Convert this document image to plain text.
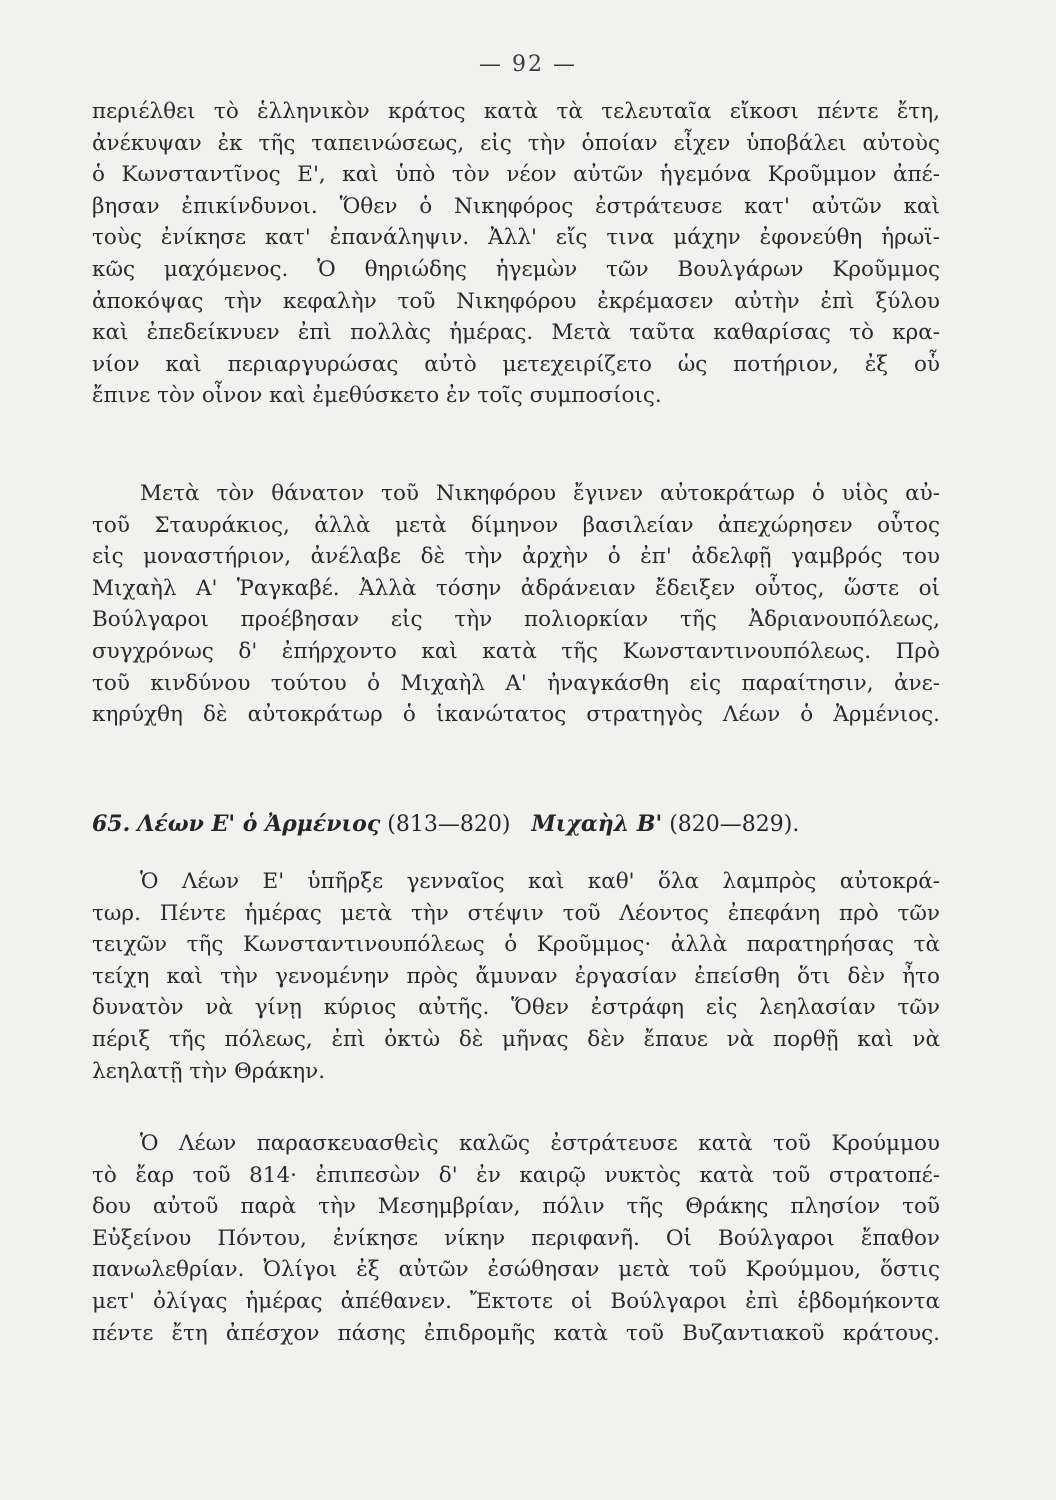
— 92 —
περιέλθει τὸ ἑλληνικὸν κράτος κατὰ τὰ τελευταῖα εἴκοσι πέντε ἔτη,
ἀνέκυψαν ἐκ τῆς ταπεινώσεως, εἰς τὴν ὁποίαν εἶχεν ὑποβάλει αὐτοὺς
ὁ Κωνσταντῖνος Ε', καὶ ὑπὸ τὸν νέον αὐτῶν ἡγεμόνα Κροῦμμον ἀπέ-
βησαν ἐπικίνδυνοι. Ὅθεν ὁ Νικηφόρος ἐστράτευσε κατ' αὐτῶν καὶ
τοὺς ἐνίκησε κατ' ἐπανάληψιν. Ἀλλ' εἴς τινα μάχην ἐφονεύθη ἡρωϊ-
κῶς μαχόμενος. Ὁ θηριώδης ἡγεμὼν τῶν Βουλγάρων Κροῦμμος
ἀποκόψας τὴν κεφαλὴν τοῦ Νικηφόρου ἐκρέμασεν αὐτὴν ἐπὶ ξύλου
καὶ ἐπεδείκνυεν ἐπὶ πολλὰς ἡμέρας. Μετὰ ταῦτα καθαρίσας τὸ κρα-
νίον καὶ περιαργυρώσας αὐτὸ μετεχειρίζετο ὡς ποτήριον, ἐξ οὗ
ἔπινε τὸν οἶνον καὶ ἐμεθύσκετο ἐν τοῖς συμποσίοις.
Μετὰ τὸν θάνατον τοῦ Νικηφόρου ἔγινεν αὐτοκράτωρ ὁ υἱὸς αὐ-
τοῦ Σταυράκιος, ἀλλὰ μετὰ δίμηνον βασιλείαν ἀπεχώρησεν οὗτος
εἰς μοναστήριον, ἀνέλαβε δὲ τὴν ἀρχὴν ὁ ἐπ' ἀδελφῇ γαμβρός του
Μιχαὴλ Α' Ῥαγκαβέ. Ἀλλὰ τόσην ἀδράνειαν ἔδειξεν οὗτος, ὥστε οἱ
Βούλγαροι προέβησαν εἰς τὴν πολιορκίαν τῆς Ἀδριανουπόλεως,
συγχρόνως δ' ἐπήρχοντο καὶ κατὰ τῆς Κωνσταντινουπόλεως. Πρὸ
τοῦ κινδύνου τούτου ὁ Μιχαὴλ Α' ἠναγκάσθη εἰς παραίτησιν, ἀνε-
κηρύχθη δὲ αὐτοκράτωρ ὁ ἱκανώτατος στρατηγὸς Λέων ὁ Ἀρμένιος.
65. Λέων Ε' ὁ Ἀρμένιος (813—820) Μιχαὴλ Β' (820—829).
Ὁ Λέων Ε' ὑπῆρξε γενναῖος καὶ καθ' ὅλα λαμπρὸς αὐτοκρά-
τωρ. Πέντε ἡμέρας μετὰ τὴν στέψιν τοῦ Λέοντος ἐπεφάνη πρὸ τῶν
τειχῶν τῆς Κωνσταντινουπόλεως ὁ Κροῦμμος· ἀλλὰ παρατηρήσας τὰ
τείχη καὶ τὴν γενομένην πρὸς ἄμυναν ἐργασίαν ἐπείσθη ὅτι δὲν ἦτο
δυνατὸν νὰ γίνῃ κύριος αὐτῆς. Ὅθεν ἐστράφη εἰς λεηλασίαν τῶν
πέριξ τῆς πόλεως, ἐπὶ ὀκτὼ δὲ μῆνας δὲν ἔπαυε νὰ πορθῇ καὶ νὰ
λεηλατῇ τὴν Θράκην.
Ὁ Λέων παρασκευασθεὶς καλῶς ἐστράτευσε κατὰ τοῦ Κρούμμου
τὸ ἔαρ τοῦ 814· ἐπιπεσὼν δ' ἐν καιρῷ νυκτὸς κατὰ τοῦ στρατοπέ-
δου αὐτοῦ παρὰ τὴν Μεσημβρίαν, πόλιν τῆς Θράκης πλησίον τοῦ
Εὐξείνου Πόντου, ἐνίκησε νίκην περιφανῆ. Οἱ Βούλγαροι ἔπαθον
πανωλεθρίαν. Ὀλίγοι ἐξ αὐτῶν ἐσώθησαν μετὰ τοῦ Κρούμμου, ὅστις
μετ' ὀλίγας ἡμέρας ἀπέθανεν. Ἔκτοτε οἱ Βούλγαροι ἐπὶ ἑβδομήκοντα
πέντε ἔτη ἀπέσχον πάσης ἐπιδρομῆς κατὰ τοῦ Βυζαντιακοῦ κράτους.
